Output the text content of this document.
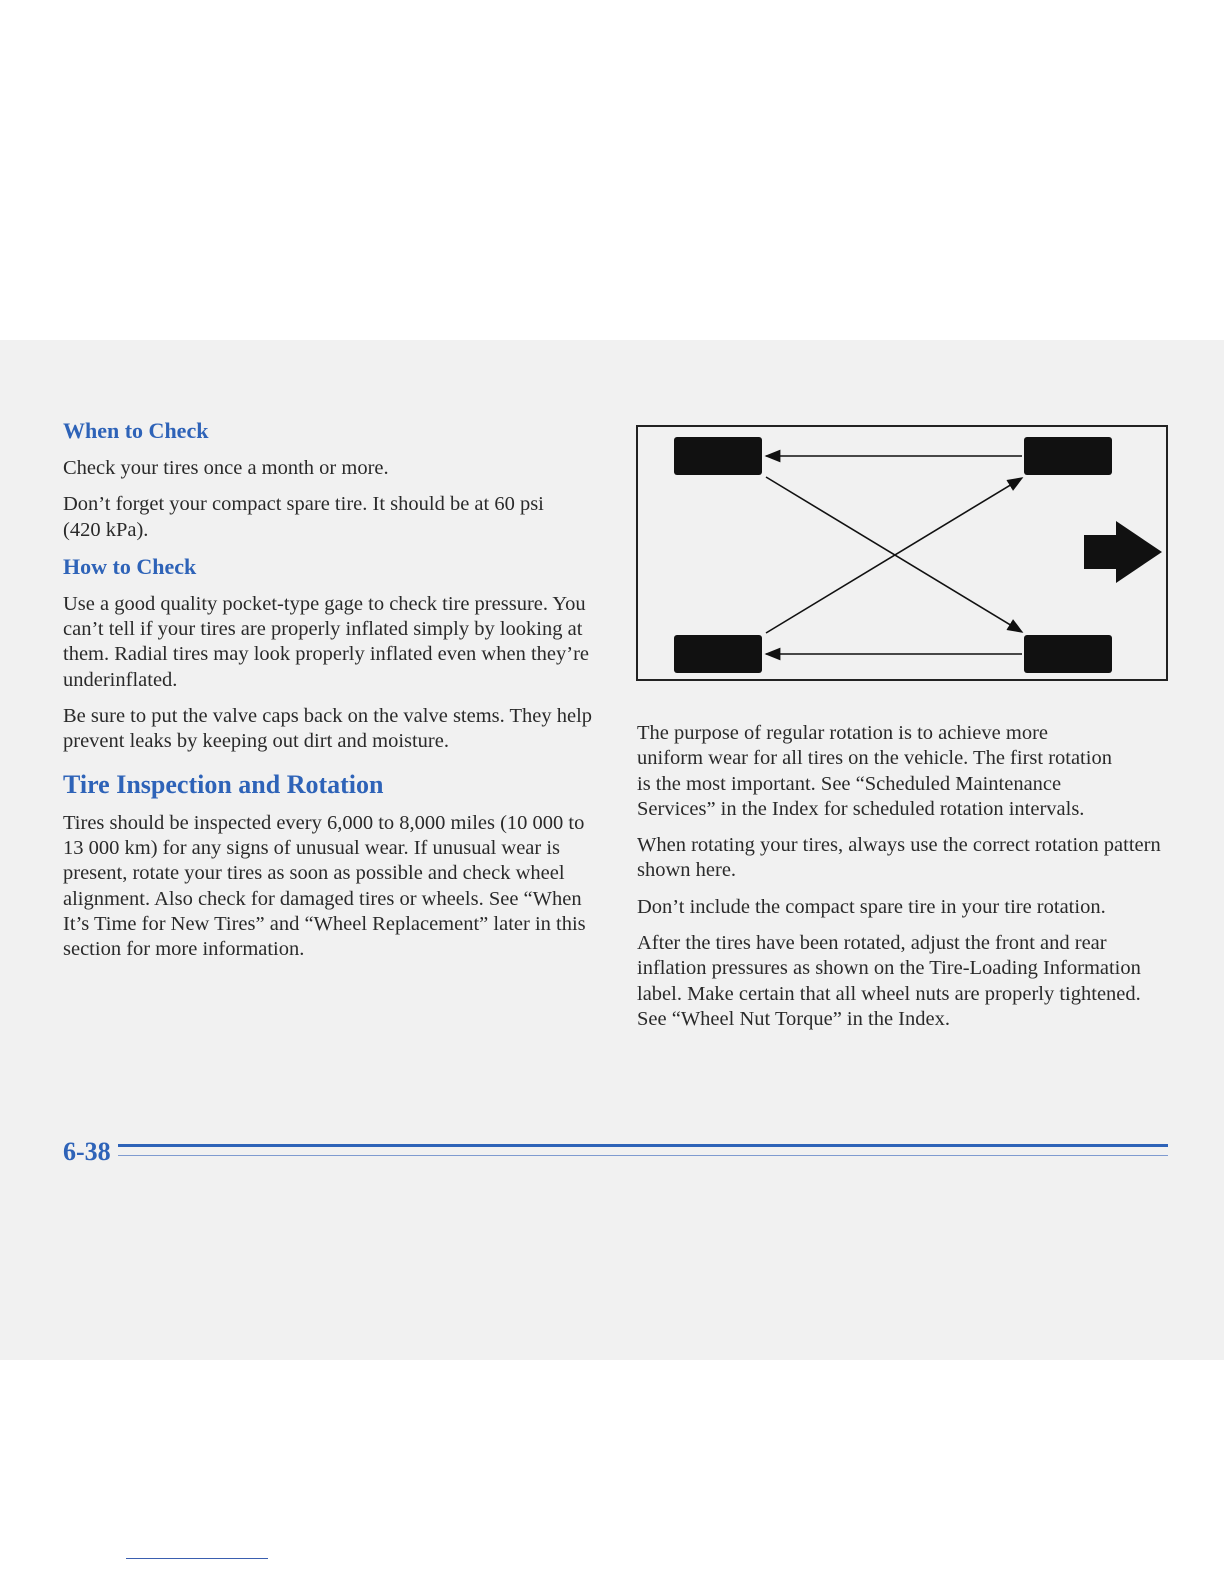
When to Check

Check your tires once a month or more.

Don’t forget your compact spare tire. It should be at 60 psi (420 kPa).

How to Check

Use a good quality pocket-type gage to check tire pressure. You can’t tell if your tires are properly inflated simply by looking at them. Radial tires may look properly inflated even when they’re underinflated.

Be sure to put the valve caps back on the valve stems. They help prevent leaks by keeping out dirt and moisture.

Tire Inspection and Rotation

Tires should be inspected every 6,000 to 8,000 miles (10 000 to 13 000 km) for any signs of unusual wear. If unusual wear is present, rotate your tires as soon as possible and check wheel alignment. Also check for damaged tires or wheels. See “When It’s Time for New Tires” and “Wheel Replacement” later in this section for more information.

The purpose of regular rotation is to achieve more uniform wear for all tires on the vehicle. The first rotation is the most important. See “Scheduled Maintenance Services” in the Index for scheduled rotation intervals.

When rotating your tires, always use the correct rotation pattern shown here.

Don’t include the compact spare tire in your tire rotation.

After the tires have been rotated, adjust the front and rear inflation pressures as shown on the Tire-Loading Information label. Make certain that all wheel nuts are properly tightened. See “Wheel Nut Torque” in the Index.

6-38
